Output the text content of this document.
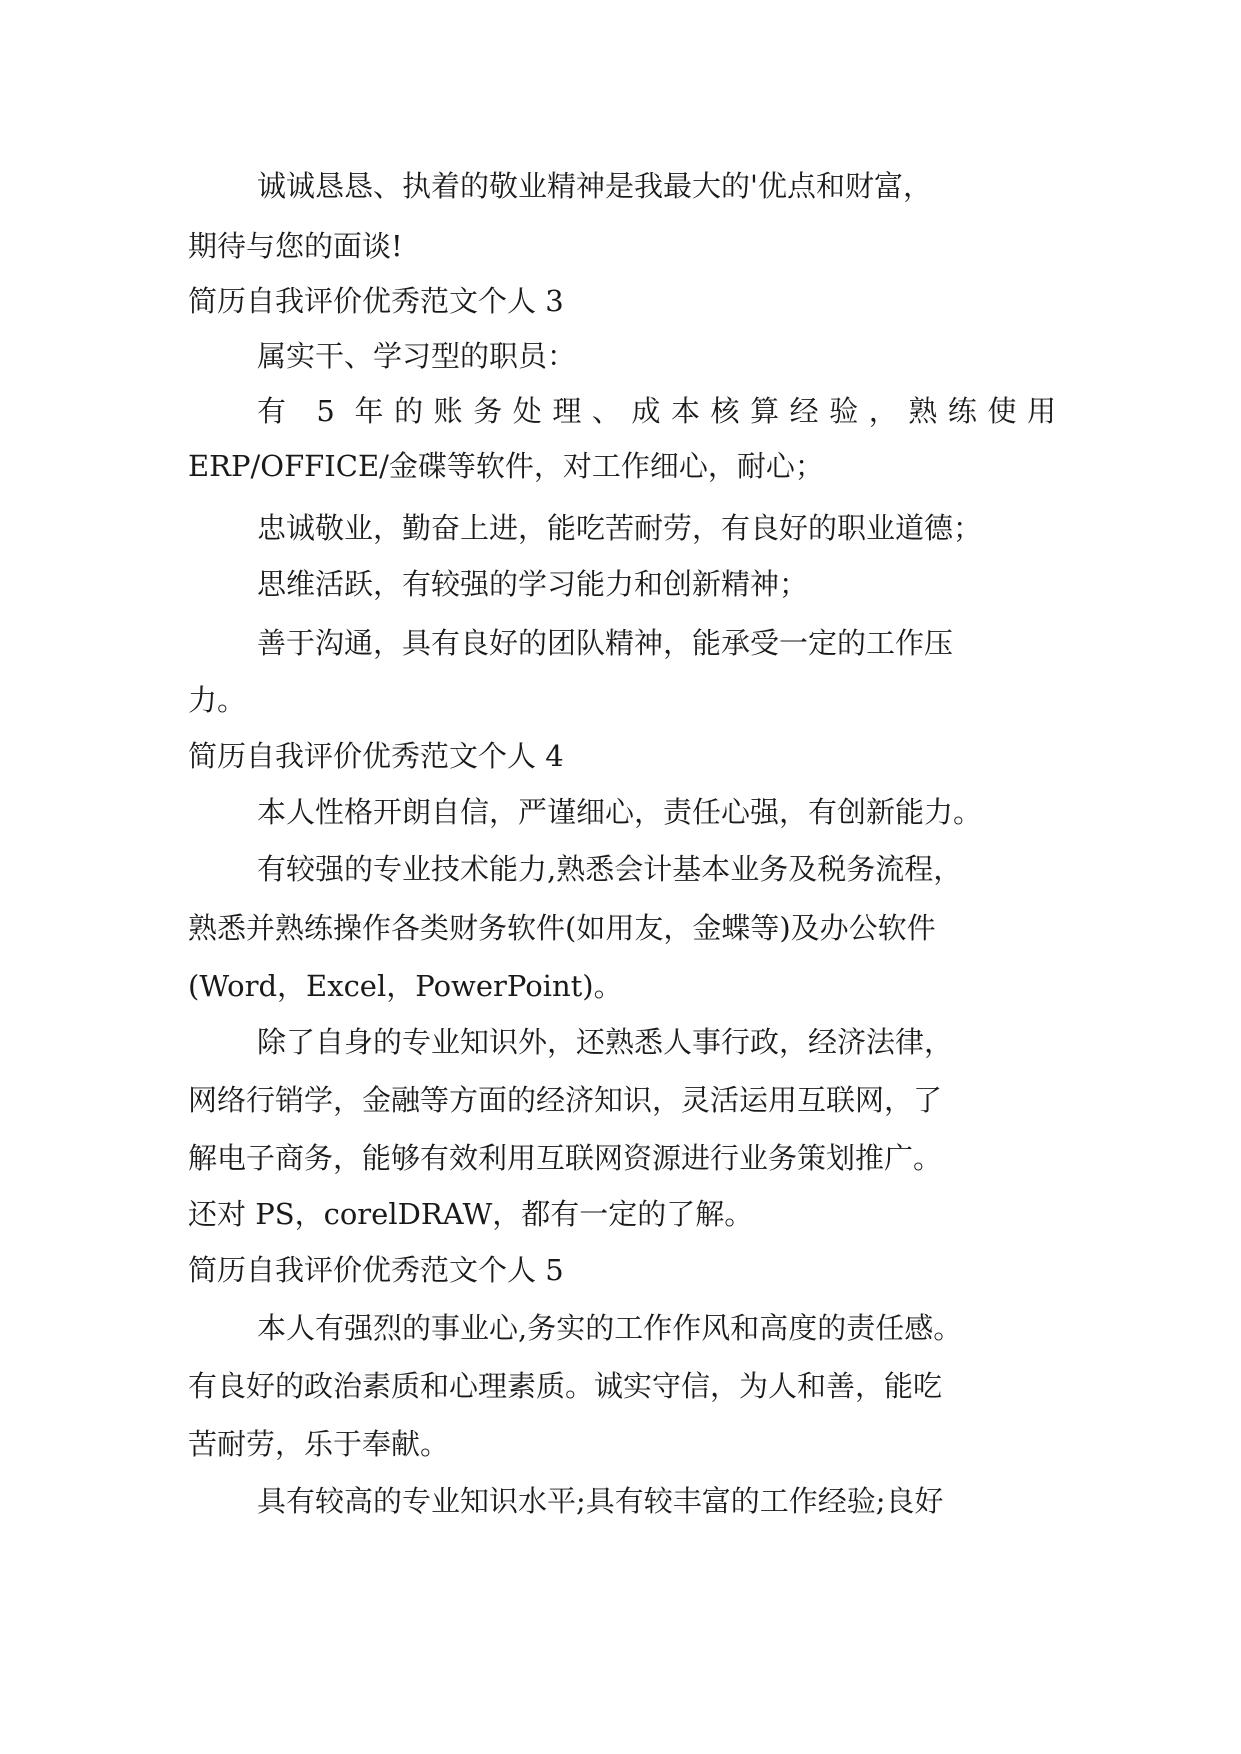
诚诚恳恳、执着的敬业精神是我最大的'优点和财富，

期待与您的面谈!

简历自我评价优秀范文个人 3

属实干、学习型的职员：

有 5 年的账务处理、成本核算经验，熟练使用

ERP/OFFICE/金碟等软件，对工作细心，耐心；

忠诚敬业，勤奋上进，能吃苦耐劳，有良好的职业道德；

思维活跃，有较强的学习能力和创新精神；

善于沟通，具有良好的团队精神，能承受一定的工作压

力。

简历自我评价优秀范文个人 4

本人性格开朗自信，严谨细心，责任心强，有创新能力。

有较强的专业技术能力,熟悉会计基本业务及税务流程，

熟悉并熟练操作各类财务软件(如用友，金蝶等)及办公软件

(Word，Excel，PowerPoint)。

除了自身的专业知识外，还熟悉人事行政，经济法律，

网络行销学，金融等方面的经济知识，灵活运用互联网，了

解电子商务，能够有效利用互联网资源进行业务策划推广。

还对 PS，corelDRAW，都有一定的了解。

简历自我评价优秀范文个人 5

本人有强烈的事业心,务实的工作作风和高度的责任感。

有良好的政治素质和心理素质。诚实守信，为人和善，能吃

苦耐劳，乐于奉献。

具有较高的专业知识水平;具有较丰富的工作经验;良好
